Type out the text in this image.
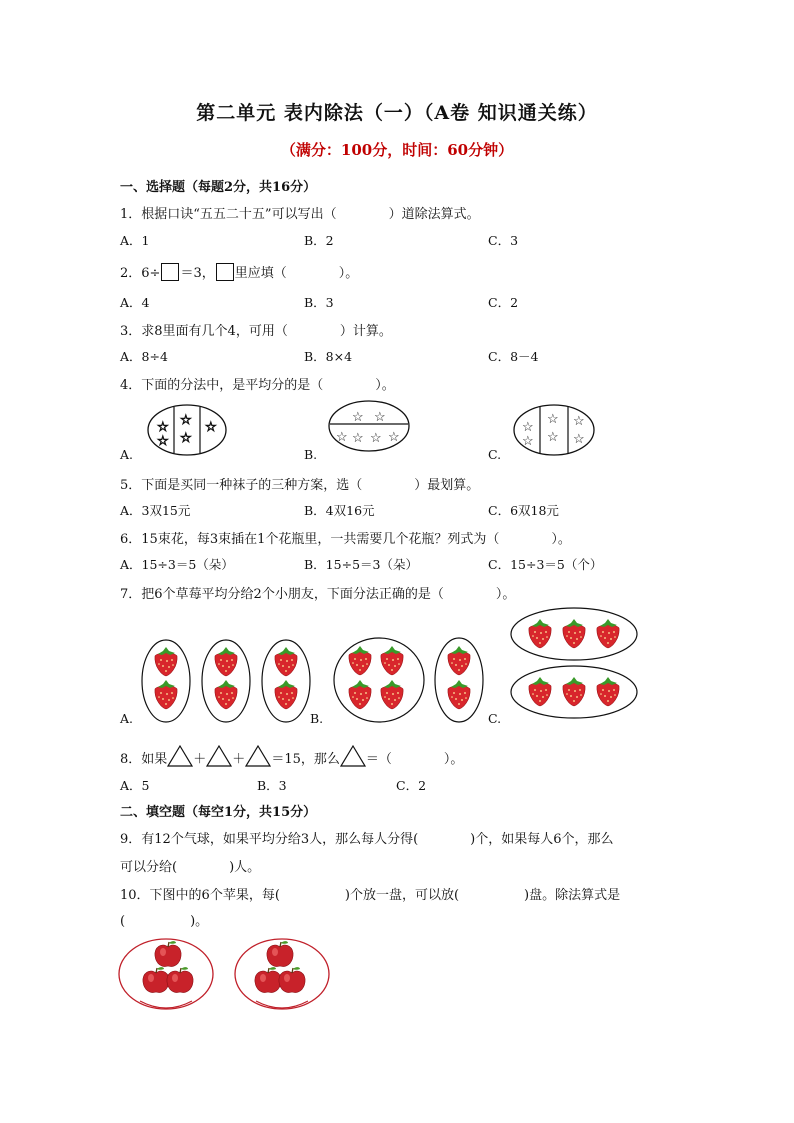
第二单元 表内除法（一）（A卷 知识通关练）
（满分：100分，时间：60分钟）
一、选择题（每题2分，共16分）
1．根据口诀“五五二十五”可以写出（　　　　）道除法算式。
A．1	B．2	C．3
2．6÷ ＝3， 里应填（　　　　）。
A．4	B．3	C．2
3．求8里面有几个4，可用（　　　　）计算。
A．8÷4	B．8×4	C．8－4
4．下面的分法中，是平均分的是（　　　　）。
A.	B.	C.
☆
☆
☆
☆
☆
☆ ☆
☆ ☆ ☆ ☆
☆
☆
☆
☆
☆
☆
5．下面是买同一种袜子的三种方案，选（　　　　）最划算。
A．3双15元	B．4双16元	C．6双18元
6．15束花，每3束插在1个花瓶里，一共需要几个花瓶？列式为（　　　　）。
A．15÷3＝5（朵）	B．15÷5＝3（朵）	C．15÷3＝5（个）
7．把6个草莓平均分给2个小朋友，下面分法正确的是（　　　　）。
A.	B.	C.
8．如果 ＋ ＋ ＝15，那么 ＝（　　　　）。
A．5	B．3	C．2
二、填空题（每空1分，共15分）
9．有12个气球，如果平均分给3人，那么每人分得(　　　　)个，如果每人6个，那么
可以分给(　　　　)人。
10．下图中的6个苹果，每(　　　　　)个放一盘，可以放(　　　　　)盘。除法算式是
(　　　　　)。
